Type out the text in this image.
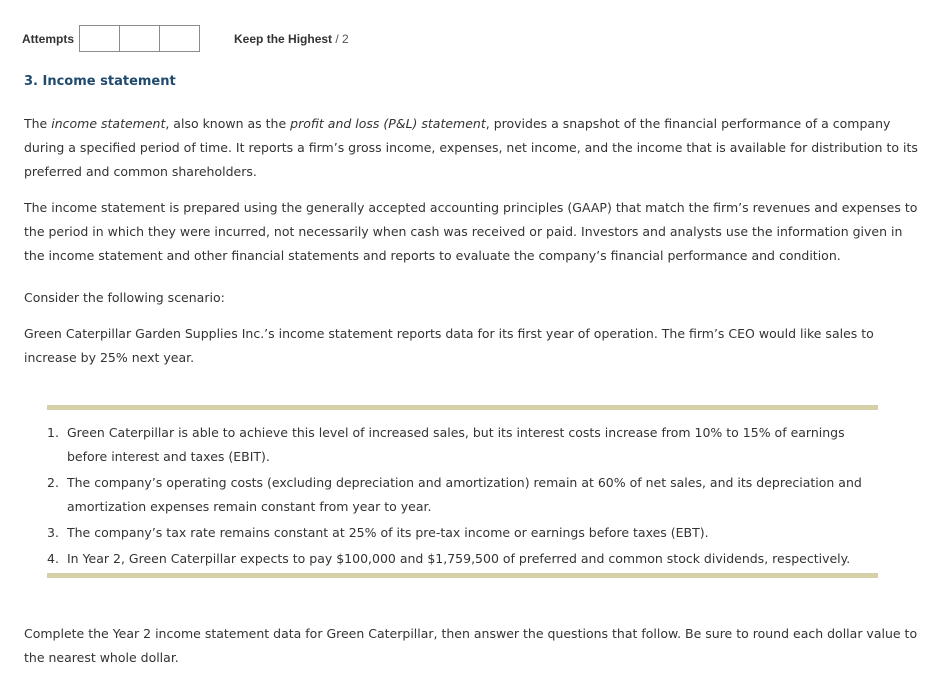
Attempts	Keep the Highest / 2
3. Income statement

The income statement, also known as the profit and loss (P&L) statement, provides a snapshot of the financial performance of a company during a specified period of time. It reports a firm’s gross income, expenses, net income, and the income that is available for distribution to its preferred and common shareholders.

The income statement is prepared using the generally accepted accounting principles (GAAP) that match the firm’s revenues and expenses to the period in which they were incurred, not necessarily when cash was received or paid. Investors and analysts use the information given in the income statement and other financial statements and reports to evaluate the company’s financial performance and condition.

Consider the following scenario:

Green Caterpillar Garden Supplies Inc.’s income statement reports data for its first year of operation. The firm’s CEO would like sales to increase by 25% next year.

1. Green Caterpillar is able to achieve this level of increased sales, but its interest costs increase from 10% to 15% of earnings before interest and taxes (EBIT).
2. The company’s operating costs (excluding depreciation and amortization) remain at 60% of net sales, and its depreciation and amortization expenses remain constant from year to year.
3. The company’s tax rate remains constant at 25% of its pre-tax income or earnings before taxes (EBT).
4. In Year 2, Green Caterpillar expects to pay $100,000 and $1,759,500 of preferred and common stock dividends, respectively.

Complete the Year 2 income statement data for Green Caterpillar, then answer the questions that follow. Be sure to round each dollar value to the nearest whole dollar.
